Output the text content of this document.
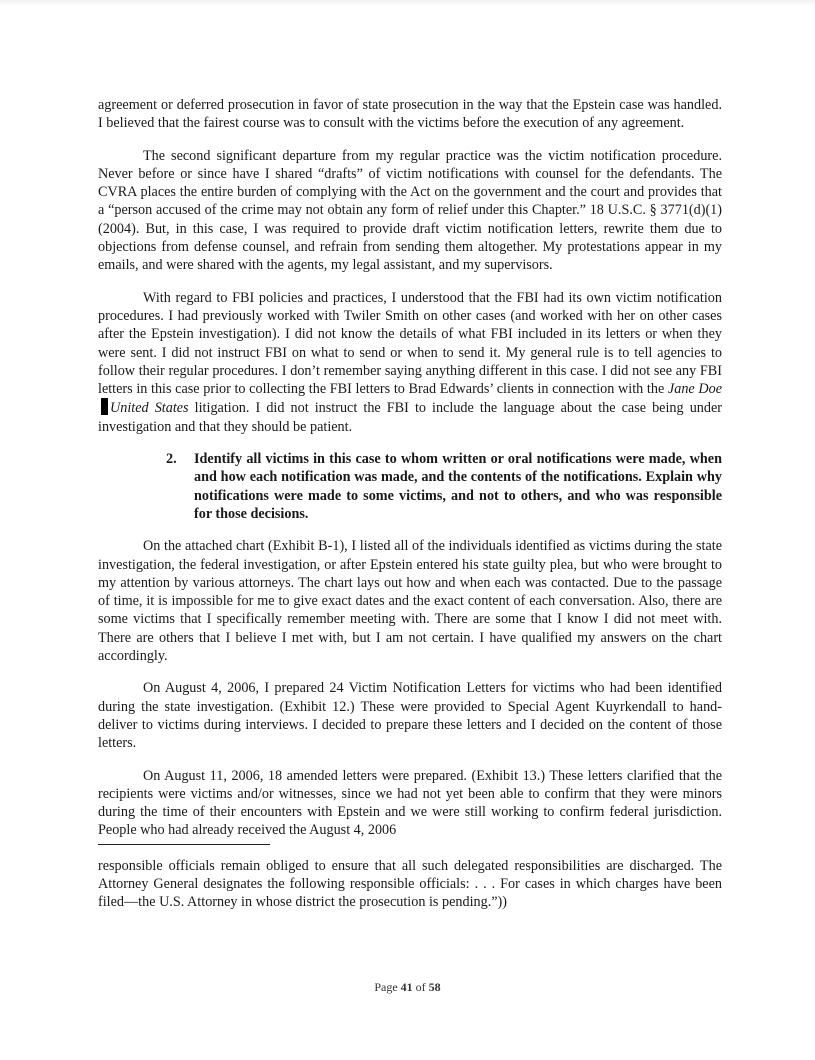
agreement or deferred prosecution in favor of state prosecution in the way that the Epstein case was handled. I believed that the fairest course was to consult with the victims before the execution of any agreement.

The second significant departure from my regular practice was the victim notification procedure. Never before or since have I shared “drafts” of victim notifications with counsel for the defendants. The CVRA places the entire burden of complying with the Act on the government and the court and provides that a “person accused of the crime may not obtain any form of relief under this Chapter.” 18 U.S.C. § 3771(d)(1) (2004). But, in this case, I was required to provide draft victim notification letters, rewrite them due to objections from defense counsel, and refrain from sending them altogether. My protestations appear in my emails, and were shared with the agents, my legal assistant, and my supervisors.

With regard to FBI policies and practices, I understood that the FBI had its own victim notification procedures. I had previously worked with Twiler Smith on other cases (and worked with her on other cases after the Epstein investigation). I did not know the details of what FBI included in its letters or when they were sent. I did not instruct FBI on what to send or when to send it. My general rule is to tell agencies to follow their regular procedures. I don’t remember saying anything different in this case. I did not see any FBI letters in this case prior to collecting the FBI letters to Brad Edwards’ clients in connection with the Jane DoeUnited States litigation. I did not instruct the FBI to include the language about the case being under investigation and that they should be patient.

2.	Identify all victims in this case to whom written or oral notifications were made, when and how each notification was made, and the contents of the notifications. Explain why notifications were made to some victims, and not to others, and who was responsible for those decisions.

On the attached chart (Exhibit B-1), I listed all of the individuals identified as victims during the state investigation, the federal investigation, or after Epstein entered his state guilty plea, but who were brought to my attention by various attorneys. The chart lays out how and when each was contacted. Due to the passage of time, it is impossible for me to give exact dates and the exact content of each conversation. Also, there are some victims that I specifically remember meeting with. There are some that I know I did not meet with. There are others that I believe I met with, but I am not certain. I have qualified my answers on the chart accordingly.

On August 4, 2006, I prepared 24 Victim Notification Letters for victims who had been identified during the state investigation. (Exhibit 12.) These were provided to Special Agent Kuyrkendall to hand-deliver to victims during interviews. I decided to prepare these letters and I decided on the content of those letters.

On August 11, 2006, 18 amended letters were prepared. (Exhibit 13.) These letters clarified that the recipients were victims and/or witnesses, since we had not yet been able to confirm that they were minors during the time of their encounters with Epstein and we were still working to confirm federal jurisdiction. People who had already received the August 4, 2006

responsible officials remain obliged to ensure that all such delegated responsibilities are discharged. The Attorney General designates the following responsible officials: . . . For cases in which charges have been filed—the U.S. Attorney in whose district the prosecution is pending.”))

Page 41 of 58
